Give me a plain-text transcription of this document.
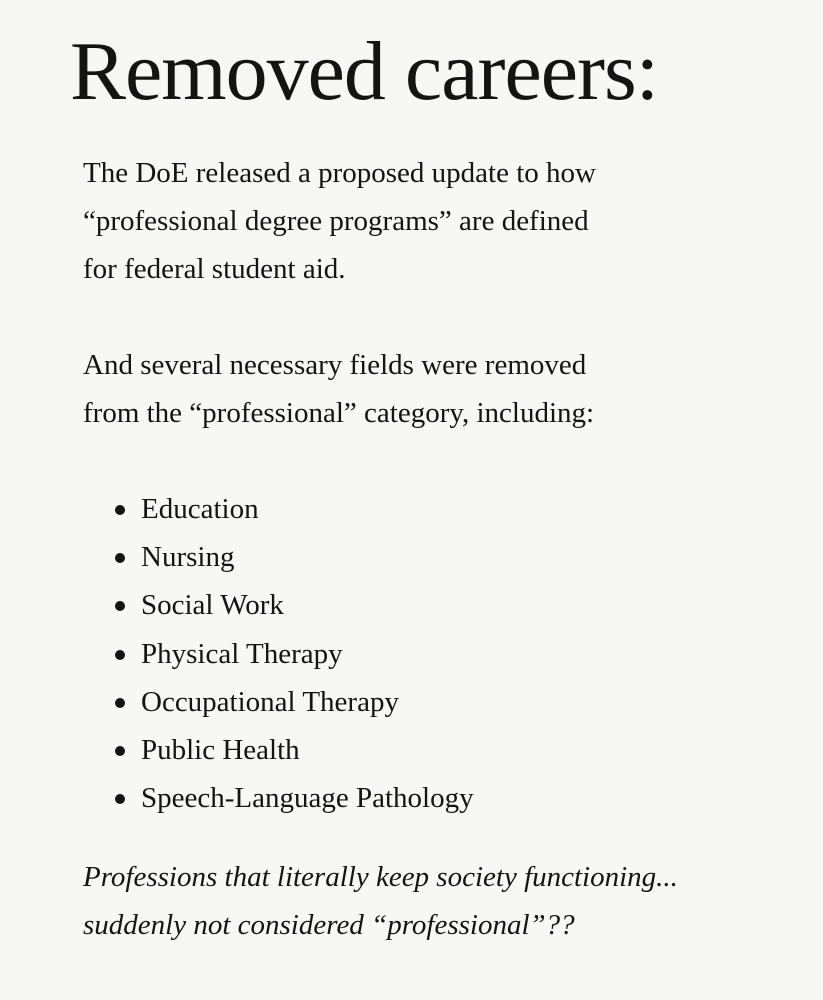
Removed careers:

The DoE released a proposed update to how
“professional degree programs” are defined
for federal student aid.

And several necessary fields were removed
from the “professional” category, including:

Education
Nursing
Social Work
Physical Therapy
Occupational Therapy
Public Health
Speech-Language Pathology

Professions that literally keep society functioning...
suddenly not considered “professional”??
